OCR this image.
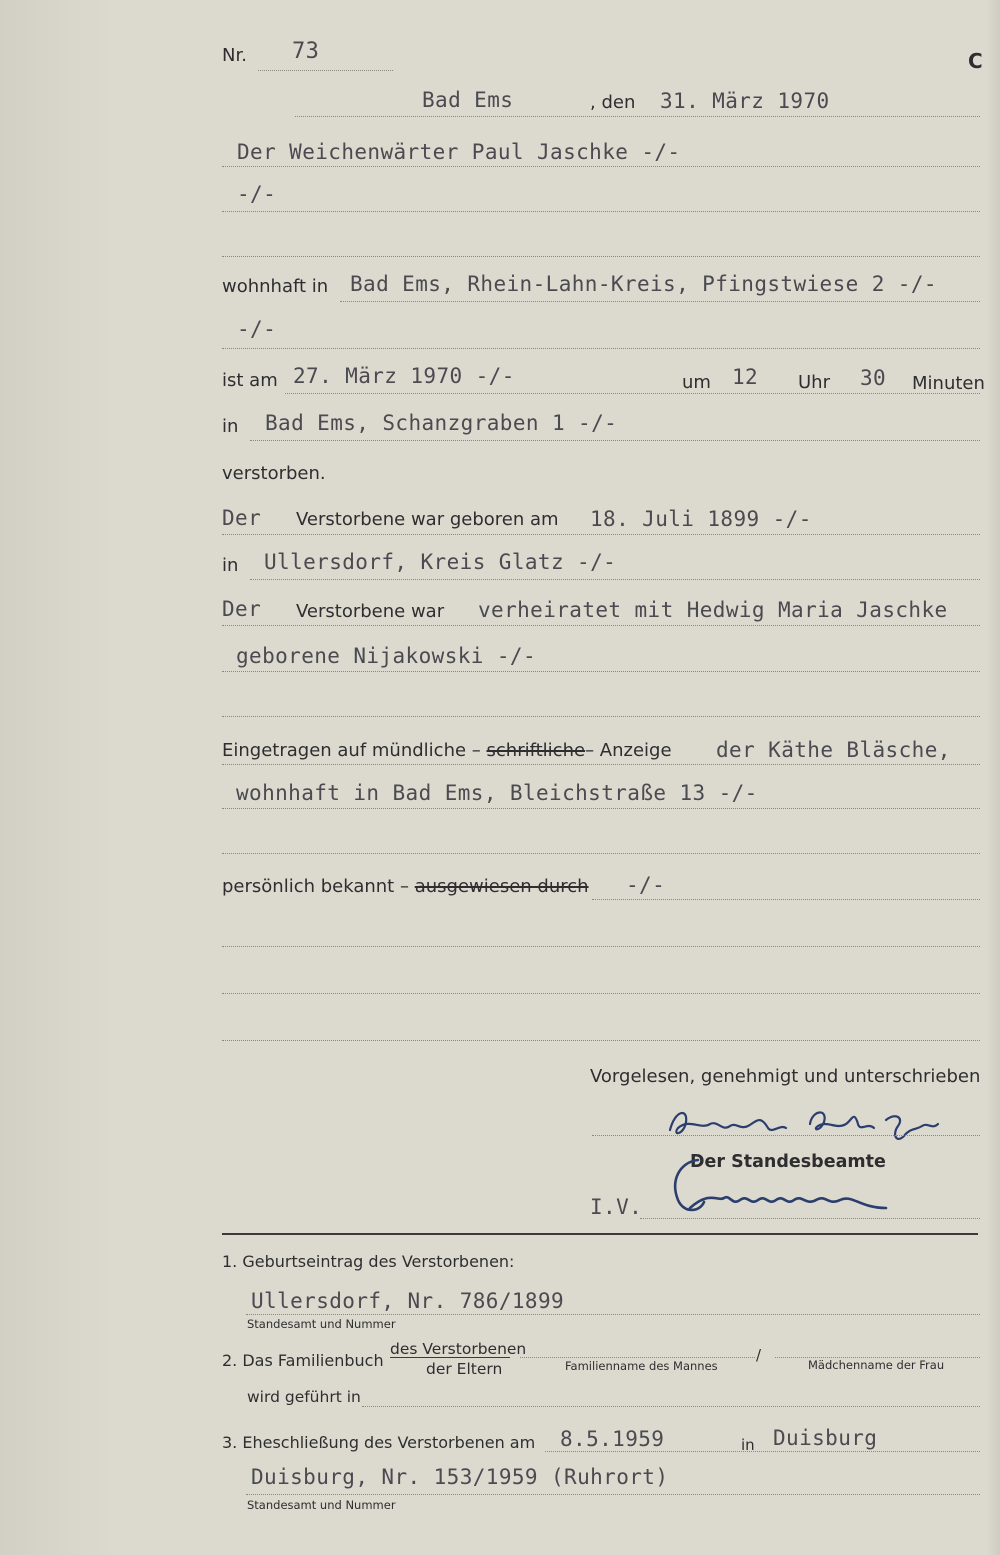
C
Nr. 73
Bad Ems	, den 31. März 1970
Der Weichenwärter Paul Jaschke -/-
-/-
wohnhaft in Bad Ems, Rhein-Lahn-Kreis, Pfingstwiese 2 -/-
-/-
ist am 27. März 1970 -/-	um 12 Uhr 30 Minuten
in Bad Ems, Schanzgraben 1 -/-
verstorben.
Der Verstorbene war geboren am 18. Juli 1899 -/-
in Ullersdorf, Kreis Glatz -/-
Der Verstorbene war verheiratet mit Hedwig Maria Jaschke
geborene Nijakowski -/-
Eingetragen auf mündliche – schriftliche– Anzeige der Käthe Bläsche,
wohnhaft in Bad Ems, Bleichstraße 13 -/-
persönlich bekannt – ausgewiesen durch -/-
Vorgelesen, genehmigt und unterschrieben
Der Standesbeamte
I.V.
1. Geburtseintrag des Verstorbenen:
Ullersdorf, Nr. 786/1899
Standesamt und Nummer
2. Das Familienbuch
des Verstorbenen
der Eltern
/
Familienname des Mannes	Mädchenname der Frau
wird geführt in
3. Eheschließung des Verstorbenen am 8.5.1959	in Duisburg
Duisburg, Nr. 153/1959 (Ruhrort)
Standesamt und Nummer
